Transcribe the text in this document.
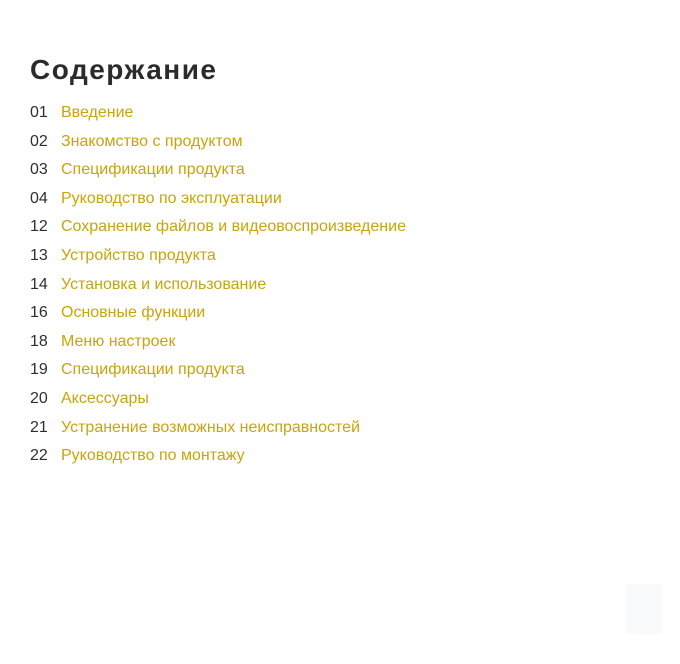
Содержание
01 Введение
02 Знакомство с продуктом
03 Спецификации продукта
04 Руководство по эксплуатации
12 Сохранение файлов и видеовоспроизведение
13 Устройство продукта
14 Установка и использование
16 Основные функции
18 Меню настроек
19 Спецификации продукта
20 Аксессуары
21 Устранение возможных неисправностей
22 Руководство по монтажу
